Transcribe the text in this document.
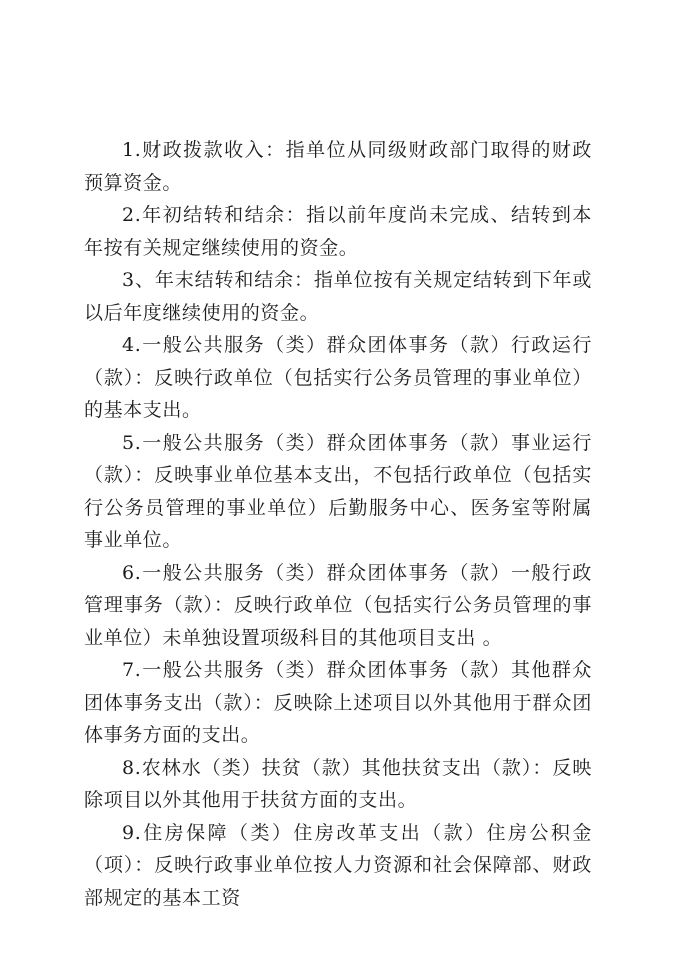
1.财政拨款收入：指单位从同级财政部门取得的财政预算资金。

2.年初结转和结余：指以前年度尚未完成、结转到本年按有关规定继续使用的资金。

3、年末结转和结余：指单位按有关规定结转到下年或以后年度继续使用的资金。

4.一般公共服务（类）群众团体事务（款）行政运行（款）：反映行政单位（包括实行公务员管理的事业单位）的基本支出。

5.一般公共服务（类）群众团体事务（款）事业运行（款）：反映事业单位基本支出，不包括行政单位（包括实行公务员管理的事业单位）后勤服务中心、医务室等附属事业单位。

6.一般公共服务（类）群众团体事务（款）一般行政管理事务（款）：反映行政单位（包括实行公务员管理的事业单位）未单独设置项级科目的其他项目支出 。

7.一般公共服务（类）群众团体事务（款）其他群众团体事务支出（款）：反映除上述项目以外其他用于群众团体事务方面的支出。

8.农林水（类）扶贫（款）其他扶贫支出（款）：反映除项目以外其他用于扶贫方面的支出。

9.住房保障（类）住房改革支出（款）住房公积金（项）：反映行政事业单位按人力资源和社会保障部、财政部规定的基本工资
